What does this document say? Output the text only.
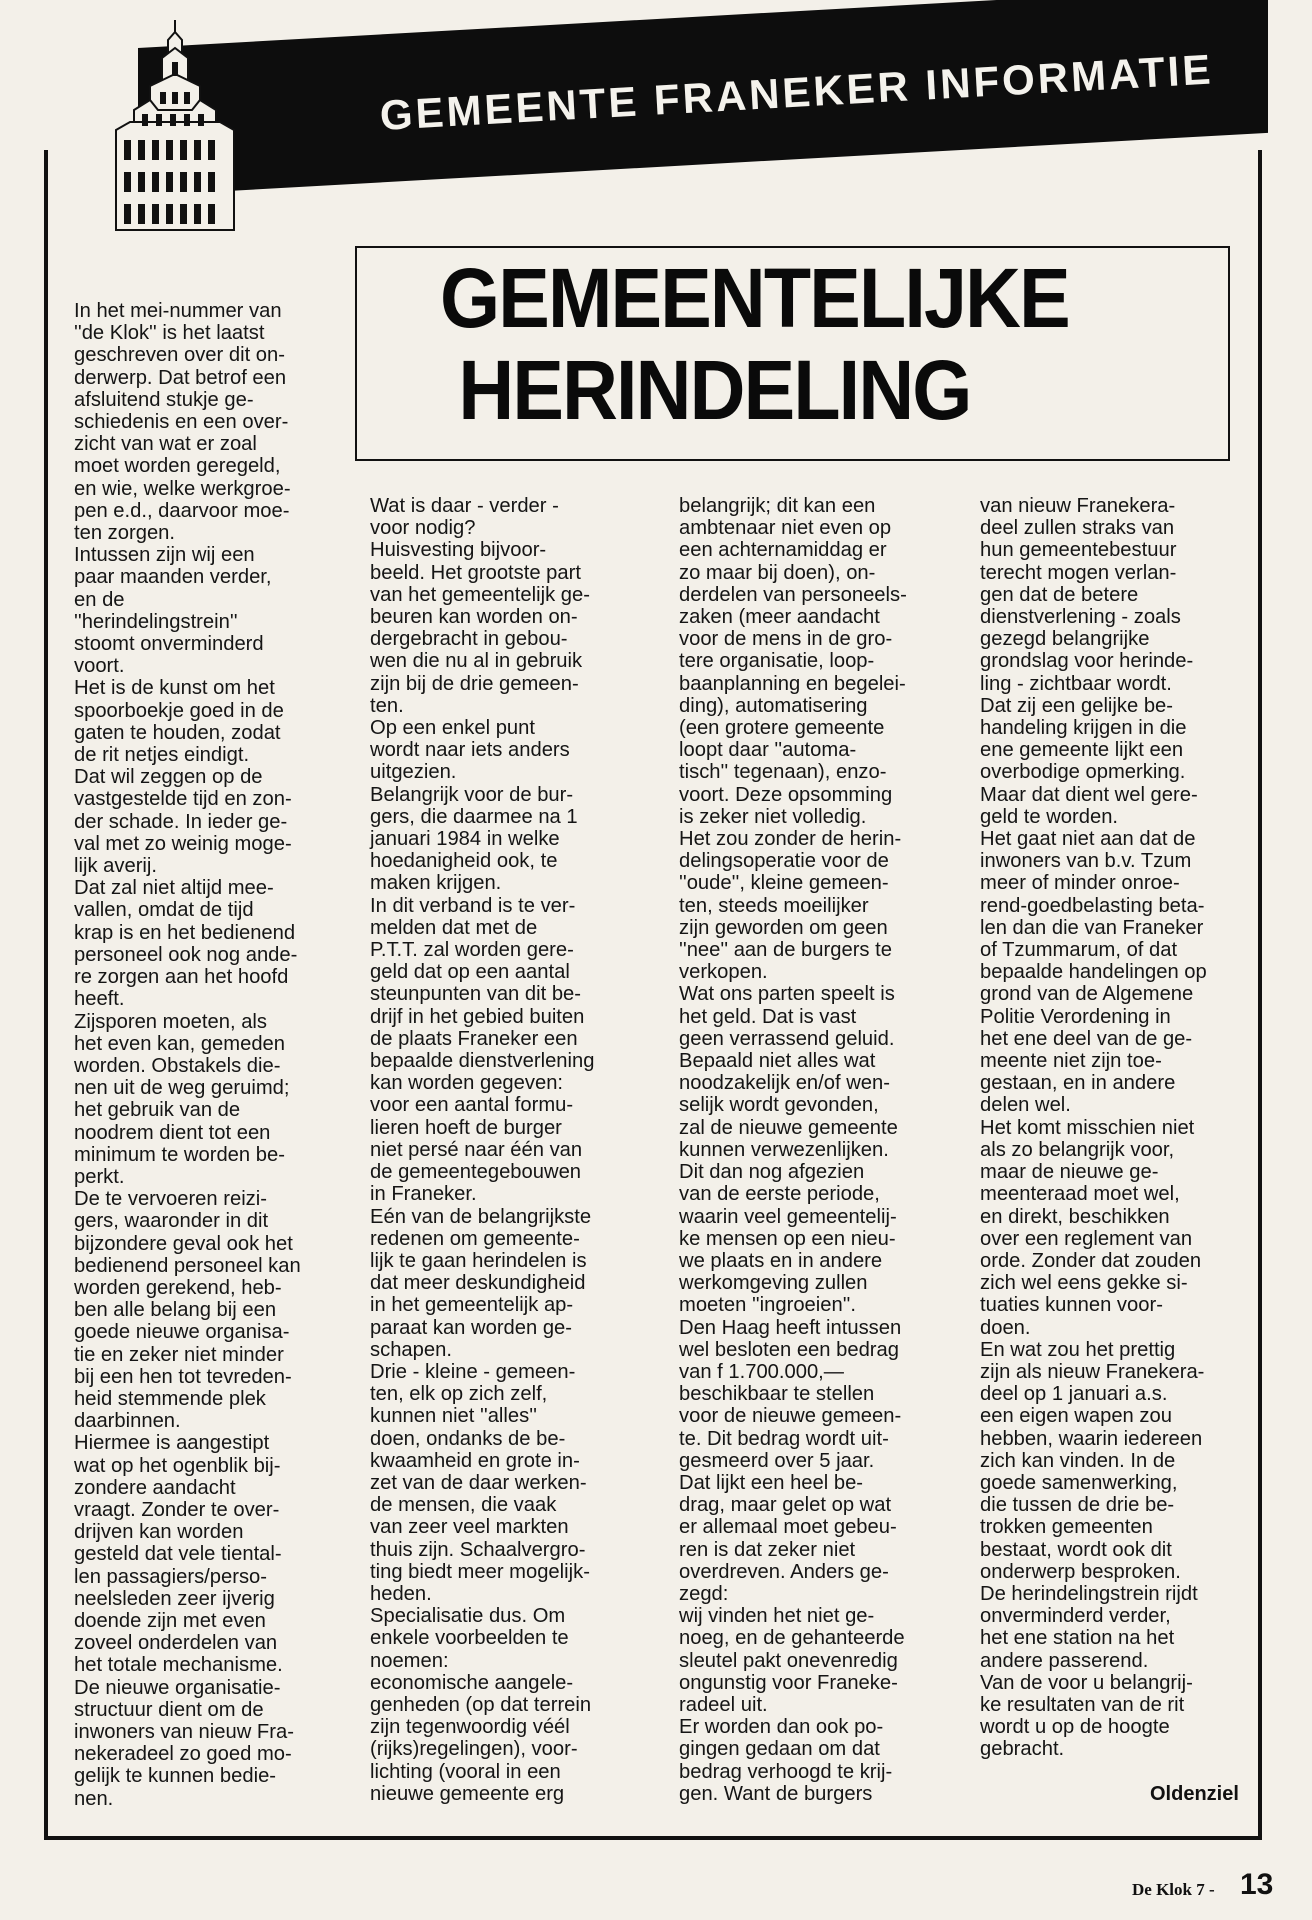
GEMEENTE FRANEKER INFORMATIE
GEMEENTELIJKE
HERINDELING
In het mei-nummer van
''de Klok'' is het laatst
geschreven over dit on-
derwerp. Dat betrof een
afsluitend stukje ge-
schiedenis en een over-
zicht van wat er zoal
moet worden geregeld,
en wie, welke werkgroe-
pen e.d., daarvoor moe-
ten zorgen.
Intussen zijn wij een
paar maanden verder,
en de
''herindelingstrein''
stoomt onverminderd
voort.
Het is de kunst om het
spoorboekje goed in de
gaten te houden, zodat
de rit netjes eindigt.
Dat wil zeggen op de
vastgestelde tijd en zon-
der schade. In ieder ge-
val met zo weinig moge-
lijk averij.
Dat zal niet altijd mee-
vallen, omdat de tijd
krap is en het bedienend
personeel ook nog ande-
re zorgen aan het hoofd
heeft.
Zijsporen moeten, als
het even kan, gemeden
worden. Obstakels die-
nen uit de weg geruimd;
het gebruik van de
noodrem dient tot een
minimum te worden be-
perkt.
De te vervoeren reizi-
gers, waaronder in dit
bijzondere geval ook het
bedienend personeel kan
worden gerekend, heb-
ben alle belang bij een
goede nieuwe organisa-
tie en zeker niet minder
bij een hen tot tevreden-
heid stemmende plek
daarbinnen.
Hiermee is aangestipt
wat op het ogenblik bij-
zondere aandacht
vraagt. Zonder te over-
drijven kan worden
gesteld dat vele tiental-
len passagiers/perso-
neelsleden zeer ijverig
doende zijn met even
zoveel onderdelen van
het totale mechanisme.
De nieuwe organisatie-
structuur dient om de
inwoners van nieuw Fra-
nekeradeel zo goed mo-
gelijk te kunnen bedie-
nen.
Wat is daar - verder -
voor nodig?
Huisvesting bijvoor-
beeld. Het grootste part
van het gemeentelijk ge-
beuren kan worden on-
dergebracht in gebou-
wen die nu al in gebruik
zijn bij de drie gemeen-
ten.
Op een enkel punt
wordt naar iets anders
uitgezien.
Belangrijk voor de bur-
gers, die daarmee na 1
januari 1984 in welke
hoedanigheid ook, te
maken krijgen.
In dit verband is te ver-
melden dat met de
P.T.T. zal worden gere-
geld dat op een aantal
steunpunten van dit be-
drijf in het gebied buiten
de plaats Franeker een
bepaalde dienstverlening
kan worden gegeven:
voor een aantal formu-
lieren hoeft de burger
niet persé naar één van
de gemeentegebouwen
in Franeker.
Eén van de belangrijkste
redenen om gemeente-
lijk te gaan herindelen is
dat meer deskundigheid
in het gemeentelijk ap-
paraat kan worden ge-
schapen.
Drie - kleine - gemeen-
ten, elk op zich zelf,
kunnen niet ''alles''
doen, ondanks de be-
kwaamheid en grote in-
zet van de daar werken-
de mensen, die vaak
van zeer veel markten
thuis zijn. Schaalvergro-
ting biedt meer mogelijk-
heden.
Specialisatie dus. Om
enkele voorbeelden te
noemen:
economische aangele-
genheden (op dat terrein
zijn tegenwoordig véél
(rijks)regelingen), voor-
lichting (vooral in een
nieuwe gemeente erg
belangrijk; dit kan een
ambtenaar niet even op
een achternamiddag er
zo maar bij doen), on-
derdelen van personeels-
zaken (meer aandacht
voor de mens in de gro-
tere organisatie, loop-
baanplanning en begelei-
ding), automatisering
(een grotere gemeente
loopt daar ''automa-
tisch'' tegenaan), enzo-
voort. Deze opsomming
is zeker niet volledig.
Het zou zonder de herin-
delingsoperatie voor de
''oude'', kleine gemeen-
ten, steeds moeilijker
zijn geworden om geen
''nee'' aan de burgers te
verkopen.
Wat ons parten speelt is
het geld. Dat is vast
geen verrassend geluid.
Bepaald niet alles wat
noodzakelijk en/of wen-
selijk wordt gevonden,
zal de nieuwe gemeente
kunnen verwezenlijken.
Dit dan nog afgezien
van de eerste periode,
waarin veel gemeentelij-
ke mensen op een nieu-
we plaats en in andere
werkomgeving zullen
moeten ''ingroeien''.
Den Haag heeft intussen
wel besloten een bedrag
van f 1.700.000,—
beschikbaar te stellen
voor de nieuwe gemeen-
te. Dit bedrag wordt uit-
gesmeerd over 5 jaar.
Dat lijkt een heel be-
drag, maar gelet op wat
er allemaal moet gebeu-
ren is dat zeker niet
overdreven. Anders ge-
zegd:
wij vinden het niet ge-
noeg, en de gehanteerde
sleutel pakt onevenredig
ongunstig voor Franeke-
radeel uit.
Er worden dan ook po-
gingen gedaan om dat
bedrag verhoogd te krij-
gen. Want de burgers
van nieuw Franekera-
deel zullen straks van
hun gemeentebestuur
terecht mogen verlan-
gen dat de betere
dienstverlening - zoals
gezegd belangrijke
grondslag voor herinde-
ling - zichtbaar wordt.
Dat zij een gelijke be-
handeling krijgen in die
ene gemeente lijkt een
overbodige opmerking.
Maar dat dient wel gere-
geld te worden.
Het gaat niet aan dat de
inwoners van b.v. Tzum
meer of minder onroe-
rend-goedbelasting beta-
len dan die van Franeker
of Tzummarum, of dat
bepaalde handelingen op
grond van de Algemene
Politie Verordening in
het ene deel van de ge-
meente niet zijn toe-
gestaan, en in andere
delen wel.
Het komt misschien niet
als zo belangrijk voor,
maar de nieuwe ge-
meenteraad moet wel,
en direkt, beschikken
over een reglement van
orde. Zonder dat zouden
zich wel eens gekke si-
tuaties kunnen voor-
doen.
En wat zou het prettig
zijn als nieuw Franekera-
deel op 1 januari a.s.
een eigen wapen zou
hebben, waarin iedereen
zich kan vinden. In de
goede samenwerking,
die tussen de drie be-
trokken gemeenten
bestaat, wordt ook dit
onderwerp besproken.
De herindelingstrein rijdt
onverminderd verder,
het ene station na het
andere passerend.
Van de voor u belangrij-
ke resultaten van de rit
wordt u op de hoogte
gebracht.
Oldenziel
De Klok 7 - 13
